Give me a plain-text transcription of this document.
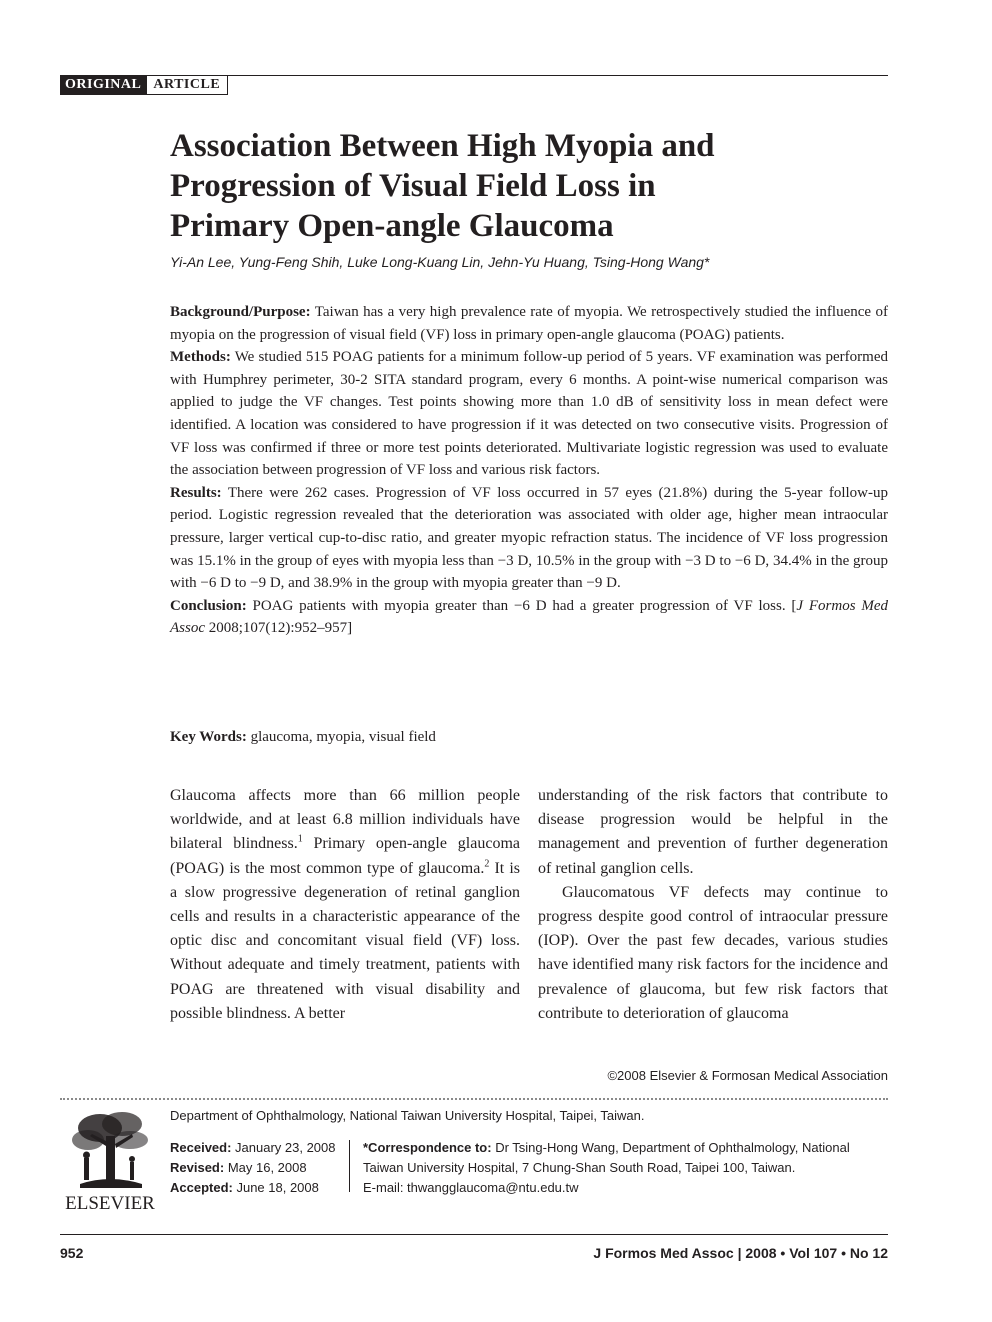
ORIGINAL ARTICLE
Association Between High Myopia and
Progression of Visual Field Loss in
Primary Open-angle Glaucoma
Yi-An Lee, Yung-Feng Shih, Luke Long-Kuang Lin, Jehn-Yu Huang, Tsing-Hong Wang*

Background/Purpose: Taiwan has a very high prevalence rate of myopia. We retrospectively studied the influence of myopia on the progression of visual field (VF) loss in primary open-angle glaucoma (POAG) patients.

Methods: We studied 515 POAG patients for a minimum follow-up period of 5 years. VF examination was performed with Humphrey perimeter, 30-2 SITA standard program, every 6 months. A point-wise numerical comparison was applied to judge the VF changes. Test points showing more than 1.0 dB of sensitivity loss in mean defect were identified. A location was considered to have progression if it was detected on two consecutive visits. Progression of VF loss was confirmed if three or more test points deteriorated. Multivariate logistic regression was used to evaluate the association between progression of VF loss and various risk factors.

Results: There were 262 cases. Progression of VF loss occurred in 57 eyes (21.8%) during the 5-year follow-up period. Logistic regression revealed that the deterioration was associated with older age, higher mean intraocular pressure, larger vertical cup-to-disc ratio, and greater myopic refraction status. The incidence of VF loss progression was 15.1% in the group of eyes with myopia less than −3 D, 10.5% in the group with −3 D to −6 D, 34.4% in the group with −6 D to −9 D, and 38.9% in the group with myopia greater than −9 D.

Conclusion: POAG patients with myopia greater than −6 D had a greater progression of VF loss. [J Formos Med Assoc 2008;107(12):952–957]

Key Words: glaucoma, myopia, visual field

Glaucoma affects more than 66 million people worldwide, and at least 6.8 million individuals have bilateral blindness.$^1$ Primary open-angle glaucoma (POAG) is the most common type of glaucoma.$^2$ It is a slow progressive degeneration of retinal ganglion cells and results in a characteristic appearance of the optic disc and concomitant visual field (VF) loss. Without adequate and timely treatment, patients with POAG are threatened with visual disability and possible blindness. A better

understanding of the risk factors that contribute to disease progression would be helpful in the management and prevention of further degeneration of retinal ganglion cells.

Glaucomatous VF defects may continue to progress despite good control of intraocular pressure (IOP). Over the past few decades, various studies have identified many risk factors for the incidence and prevalence of glaucoma, but few risk factors that contribute to deterioration of glaucoma

©2008 Elsevier & Formosan Medical Association
ELSEVIER
Department of Ophthalmology, National Taiwan University Hospital, Taipei, Taiwan.
Received: January 23, 2008
Revised: May 16, 2008
Accepted: June 18, 2008
*Correspondence to: Dr Tsing-Hong Wang, Department of Ophthalmology, National Taiwan University Hospital, 7 Chung-Shan South Road, Taipei 100, Taiwan.
E-mail: thwangglaucoma@ntu.edu.tw
952	J Formos Med Assoc | 2008 • Vol 107 • No 12
